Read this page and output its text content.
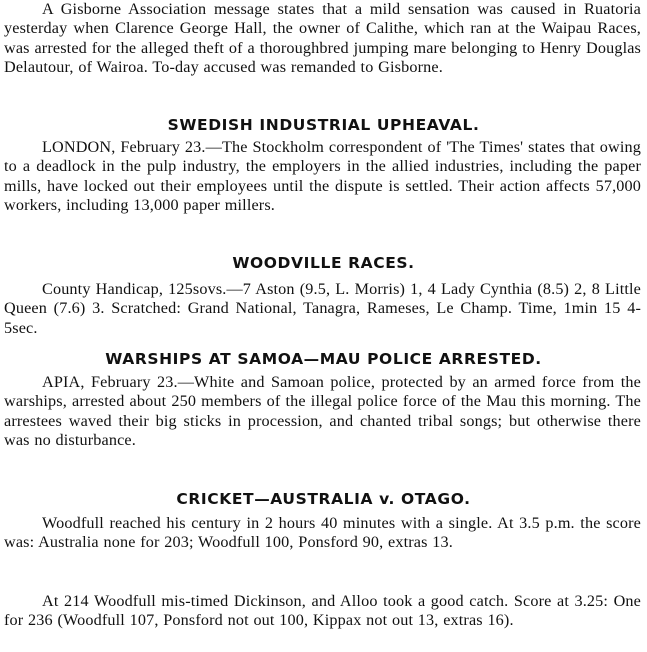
A Gisborne Association message states that a mild sensation was caused in Ruatoria yesterday when Clarence George Hall, the owner of Calithe, which ran at the Waipau Races, was arrested for the alleged theft of a thoroughbred jumping mare belonging to Henry Douglas Delautour, of Wairoa. To-day accused was remanded to Gisborne.

SWEDISH INDUSTRIAL UPHEAVAL.

LONDON, February 23.—The Stockholm correspondent of 'The Times' states that owing to a deadlock in the pulp industry, the employers in the allied industries, including the paper mills, have locked out their employees until the dispute is settled. Their action affects 57,000 workers, including 13,000 paper millers.

WOODVILLE RACES.

County Handicap, 125sovs.—7 Aston (9.5, L. Morris) 1, 4 Lady Cynthia (8.5) 2, 8 Little Queen (7.6) 3. Scratched: Grand National, Tanagra, Rameses, Le Champ. Time, 1min 15 4-5sec.

WARSHIPS AT SAMOA—MAU POLICE ARRESTED.

APIA, February 23.—White and Samoan police, protected by an armed force from the warships, arrested about 250 members of the illegal police force of the Mau this morning. The arrestees waved their big sticks in procession, and chanted tribal songs; but otherwise there was no disturbance.

CRICKET—AUSTRALIA v. OTAGO.

Woodfull reached his century in 2 hours 40 minutes with a single. At 3.5 p.m. the score was: Australia none for 203; Woodfull 100, Ponsford 90, extras 13.

At 214 Woodfull mis-timed Dickinson, and Alloo took a good catch. Score at 3.25: One for 236 (Woodfull 107, Ponsford not out 100, Kippax not out 13, extras 16).
